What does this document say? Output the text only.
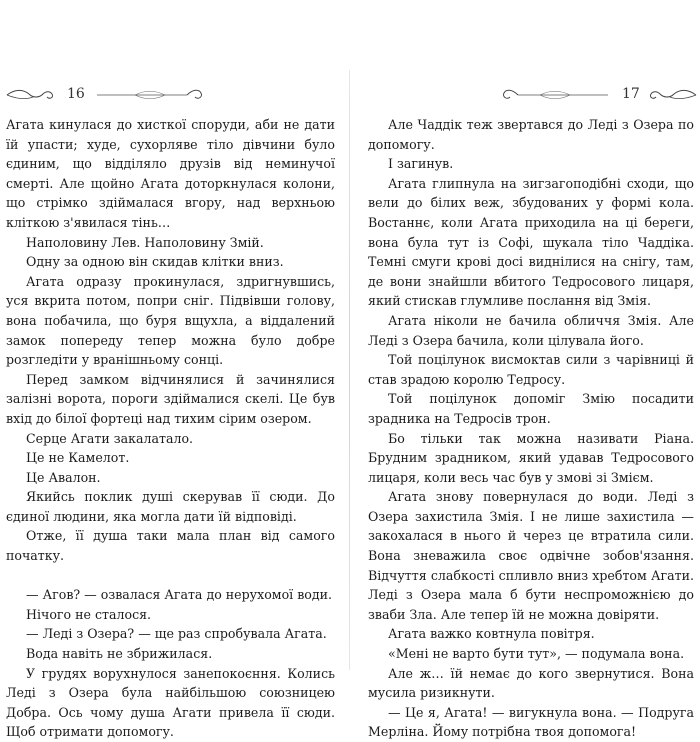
16

Агата кинулася до хисткої споруди, аби не дати їй упасти; худе, сухорляве тіло дівчини було єдиним, що відділяло друзів від неминучої смерті. Але щойно Агата доторкнулася колони, що стрімко здіймалася вгору, над верхньою кліткою з'явилася тінь…

Наполовину Лев. Наполовину Змій.

Одну за одною він скидав клітки вниз.

Агата одразу прокинулася, здригнувшись, уся вкрита потом, попри сніг. Підвівши голову, вона побачила, що буря вщухла, а віддалений замок попереду тепер можна було добре розгледіти у вранішньому сонці.

Перед замком відчинялися й зачинялися залізні ворота, пороги здіймалися скелі. Це був вхід до білої фортеці над тихим сірим озером.

Серце Агати закалатало.

Це не Камелот.

Це Авалон.

Якийсь поклик душі скерував її сюди. До єдиної людини, яка могла дати їй відповіді.

Отже, її душа таки мала план від самого початку.

— Агов? — озвалася Агата до нерухомої води.

Нічого не сталося.

— Леді з Озера? — ще раз спробувала Агата.

Вода навіть не збрижилася.

У грудях ворухнулося занепокоєння. Колись Леді з Озера була найбільшою союзницею Добра. Ось чому душа Агати привела її сюди. Щоб отримати допомогу.

17

Але Чаддік теж звертався до Леді з Озера по допомогу.

І загинув.

Агата глипнула на зигзагоподібні сходи, що вели до білих веж, збудованих у формі кола. Востаннє, коли Агата приходила на ці береги, вона була тут із Софі, шукала тіло Чаддіка. Темні смуги крові досі виднілися на снігу, там, де вони знайшли вбитого Тедросового лицаря, який стискав глумливе послання від Змія.

Агата ніколи не бачила обличчя Змія. Але Леді з Озера бачила, коли цілувала його.

Той поцілунок висмоктав сили з чарівниці й став зрадою королю Тедросу.

Той поцілунок допоміг Змію посадити зрадника на Тедросів трон.

Бо тільки так можна називати Ріана. Брудним зрадником, який удавав Тедросового лицаря, коли весь час був у змові зі Змієм.

Агата знову повернулася до води. Леді з Озера захистила Змія. І не лише захистила — закохалася в нього й через це втратила сили. Вона зневажила своє одвічне зобов'язання. Відчуття слабкості спливло вниз хребтом Агати. Леді з Озера мала б бути неспроможнією до зваби Зла. Але тепер їй не можна довіряти.

Агата важко ковтнула повітря.

«Мені не варто бути тут», — подумала вона.

Але ж… їй немає до кого звернутися. Вона мусила ризикнути.

— Це я, Агата! — вигукнула вона. — Подруга Мерліна. Йому потрібна твоя допомога!
